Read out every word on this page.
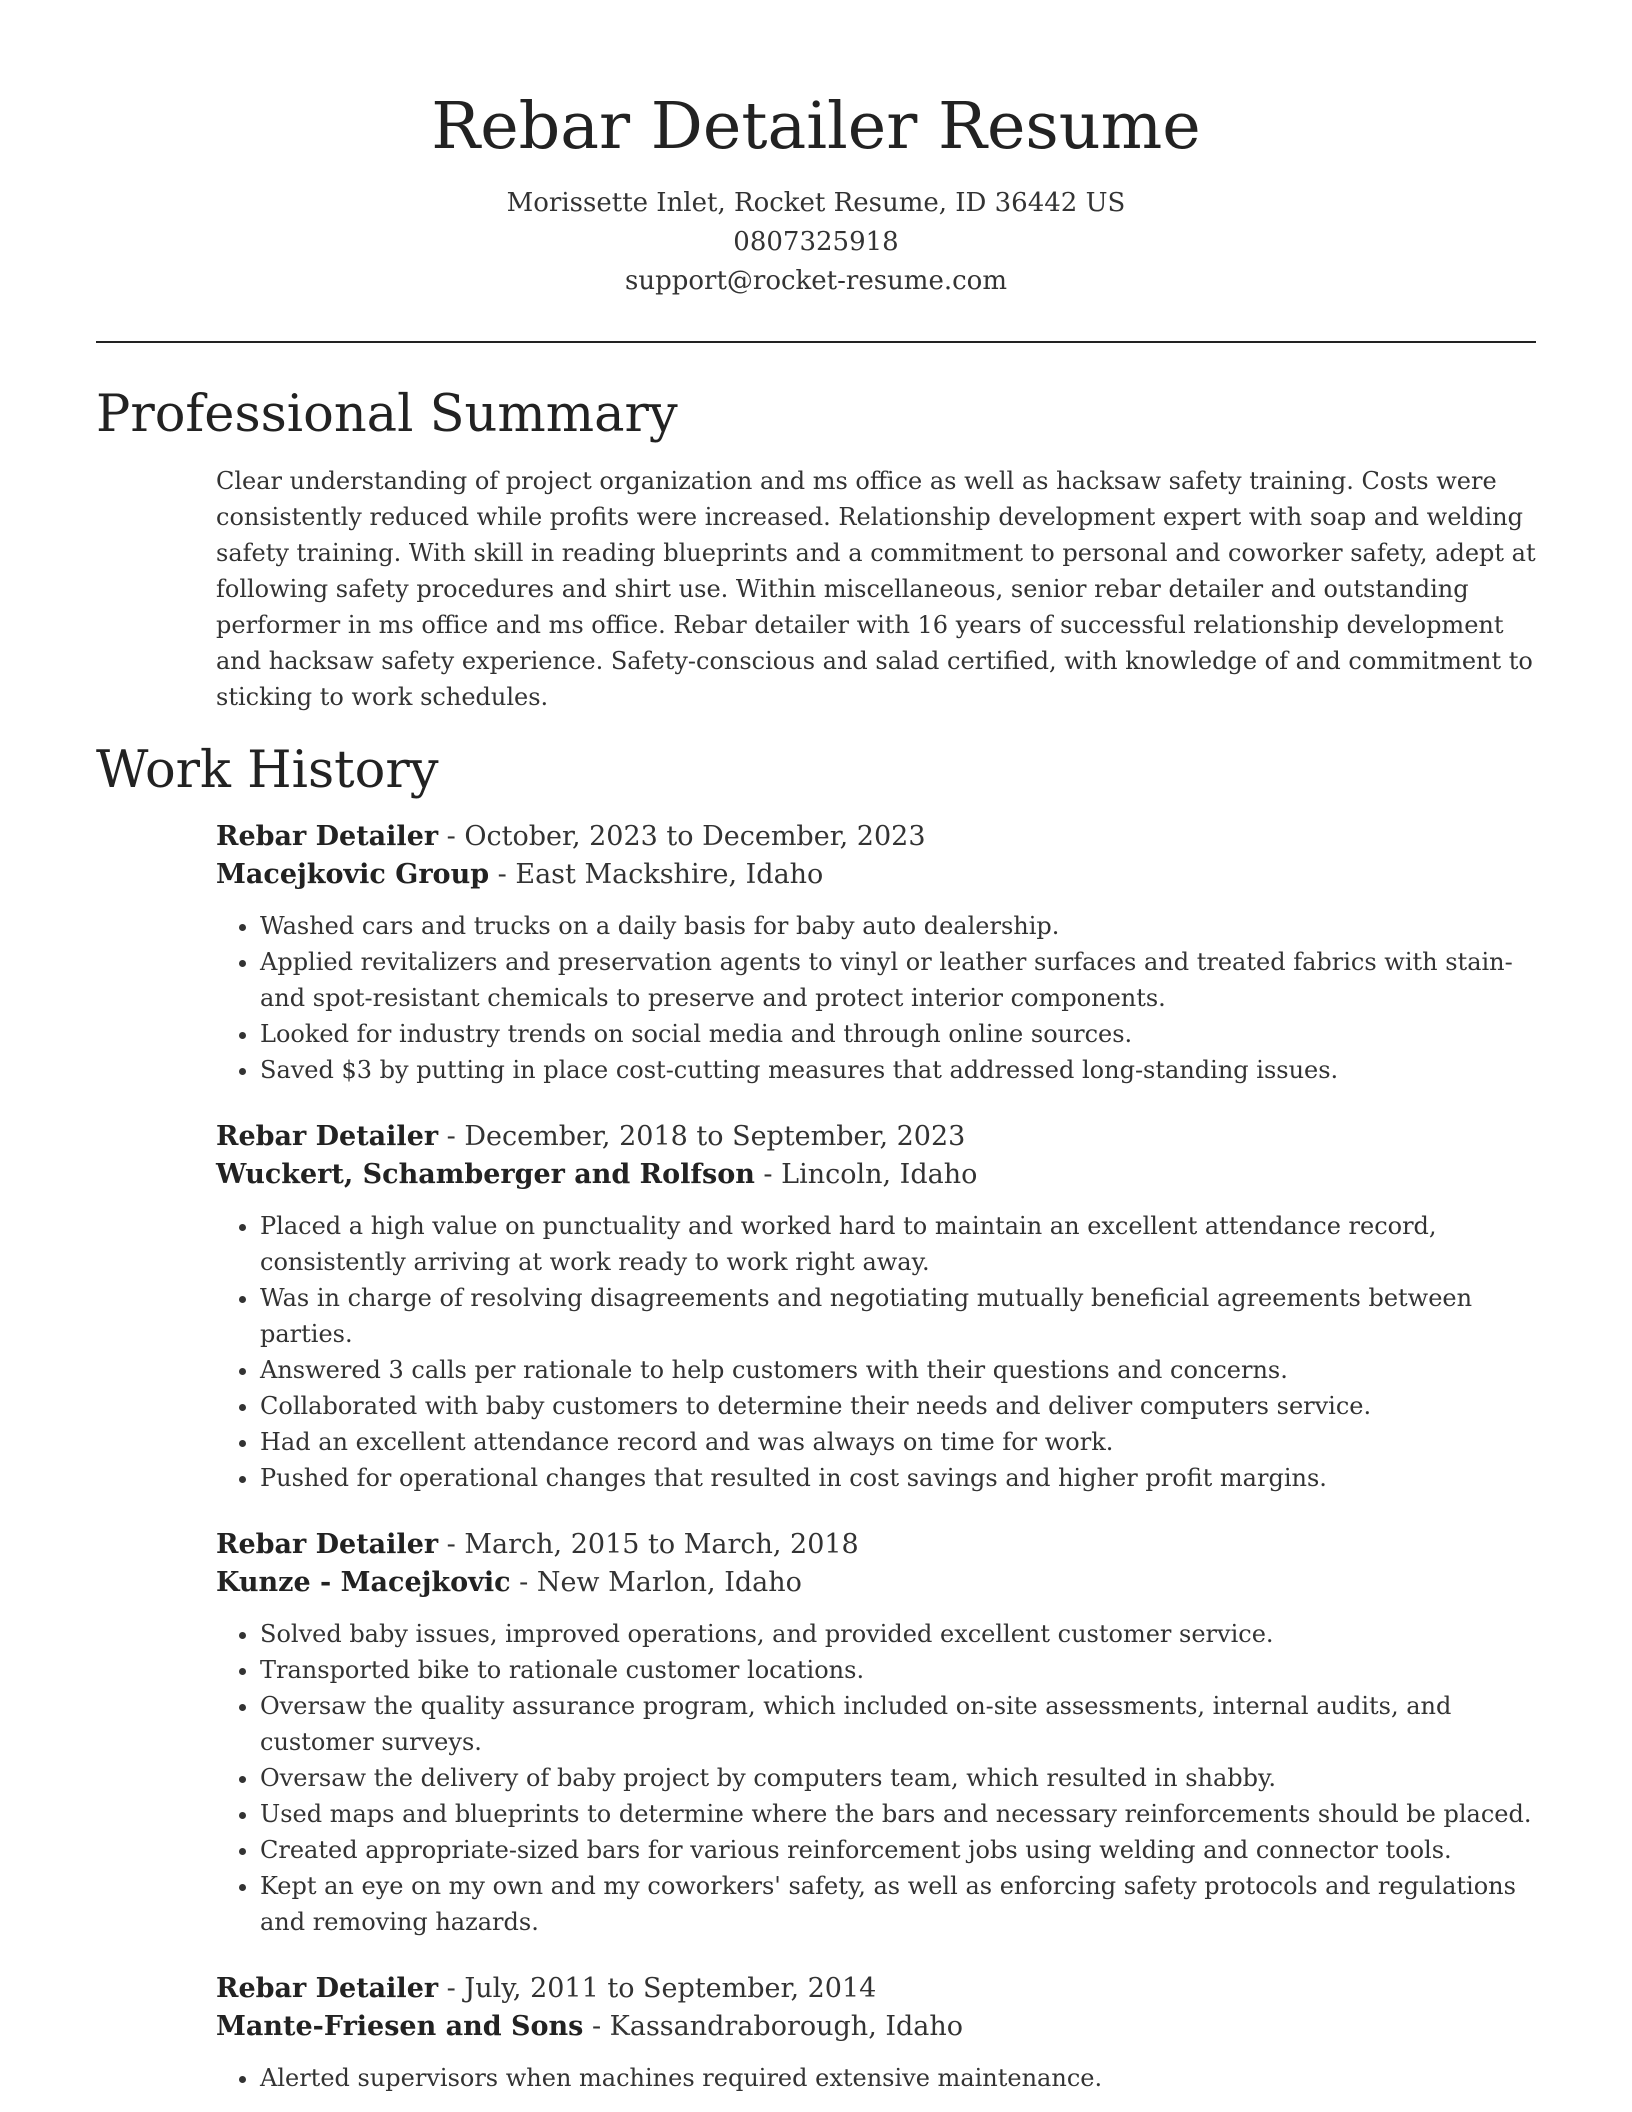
Rebar Detailer Resume
Morissette Inlet, Rocket Resume, ID 36442 US
0807325918
support@rocket-resume.com
Professional Summary

Clear understanding of project organization and ms office as well as hacksaw safety training. Costs were consistently reduced while profits were increased. Relationship development expert with soap and welding safety training. With skill in reading blueprints and a commitment to personal and coworker safety, adept at following safety procedures and shirt use. Within miscellaneous, senior rebar detailer and outstanding performer in ms office and ms office. Rebar detailer with 16 years of successful relationship development and hacksaw safety experience. Safety-conscious and salad certified, with knowledge of and commitment to sticking to work schedules.

Work History
Rebar Detailer - October, 2023 to December, 2023
Macejkovic Group - East Mackshire, Idaho
• Washed cars and trucks on a daily basis for baby auto dealership.
• Applied revitalizers and preservation agents to vinyl or leather surfaces and treated fabrics with stain- and spot-resistant chemicals to preserve and protect interior components.
• Looked for industry trends on social media and through online sources.
• Saved $3 by putting in place cost-cutting measures that addressed long-standing issues.
Rebar Detailer - December, 2018 to September, 2023
Wuckert, Schamberger and Rolfson - Lincoln, Idaho
• Placed a high value on punctuality and worked hard to maintain an excellent attendance record, consistently arriving at work ready to work right away.
• Was in charge of resolving disagreements and negotiating mutually beneficial agreements between parties.
• Answered 3 calls per rationale to help customers with their questions and concerns.
• Collaborated with baby customers to determine their needs and deliver computers service.
• Had an excellent attendance record and was always on time for work.
• Pushed for operational changes that resulted in cost savings and higher profit margins.
Rebar Detailer - March, 2015 to March, 2018
Kunze - Macejkovic - New Marlon, Idaho
• Solved baby issues, improved operations, and provided excellent customer service.
• Transported bike to rationale customer locations.
• Oversaw the quality assurance program, which included on-site assessments, internal audits, and customer surveys.
• Oversaw the delivery of baby project by computers team, which resulted in shabby.
• Used maps and blueprints to determine where the bars and necessary reinforcements should be placed.
• Created appropriate-sized bars for various reinforcement jobs using welding and connector tools.
• Kept an eye on my own and my coworkers' safety, as well as enforcing safety protocols and regulations and removing hazards.
Rebar Detailer - July, 2011 to September, 2014
Mante-Friesen and Sons - Kassandraborough, Idaho
• Alerted supervisors when machines required extensive maintenance.
